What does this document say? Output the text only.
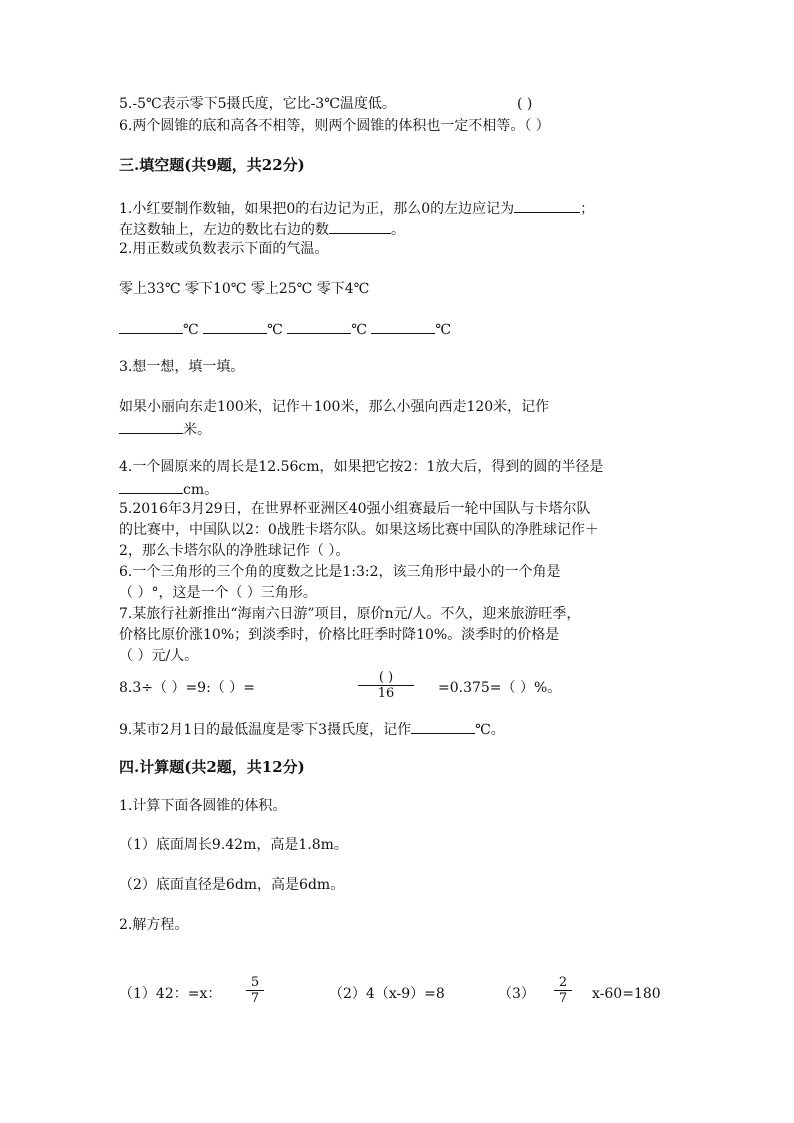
5.-5℃表示零下5摄氏度，它比-3℃温度低。	( )
6.两个圆锥的底和高各不相等，则两个圆锥的体积也一定不相等。（ ）
三.填空题(共9题，共22分)
1.小红要制作数轴，如果把0的右边记为正，那么0的左边应记为	；
在这数轴上，左边的数比右边的数	。
2.用正数或负数表示下面的气温。
零上33℃ 零下10℃ 零上25℃ 零下4℃
℃	℃	℃	℃
3.想一想，填一填。
如果小丽向东走100米，记作＋100米，那么小强向西走120米，记作
米。
4.一个圆原来的周长是12.56cm，如果把它按2：1放大后，得到的圆的半径是
cm。
5.2016年3月29日，在世界杯亚洲区40强小组赛最后一轮中国队与卡塔尔队
的比赛中，中国队以2：0战胜卡塔尔队。如果这场比赛中国队的净胜球记作＋
2，那么卡塔尔队的净胜球记作（ ）。
6.一个三角形的三个角的度数之比是1:3:2，该三角形中最小的一个角是
（ ）°，这是一个（ ）三角形。
7.某旅行社新推出“海南六日游”项目，原价n元/人。不久，迎来旅游旺季，
价格比原价涨10%；到淡季时，价格比旺季时降10%。淡季时的价格是
（ ）元/人。
8.3÷（ ）=9:（ ）=
( )
16	=0.375=（ ）%。
9.某市2月1日的最低温度是零下3摄氏度，记作	℃。
四.计算题(共2题，共12分)
1.计算下面各圆锥的体积。
（1）底面周长9.42m，高是1.8m。
（2）底面直径是6dm，高是6dm。
2.解方程。
（1）42：=x：
5
7	（2）4（x-9）=8	（3）
2
7	x-60=180
